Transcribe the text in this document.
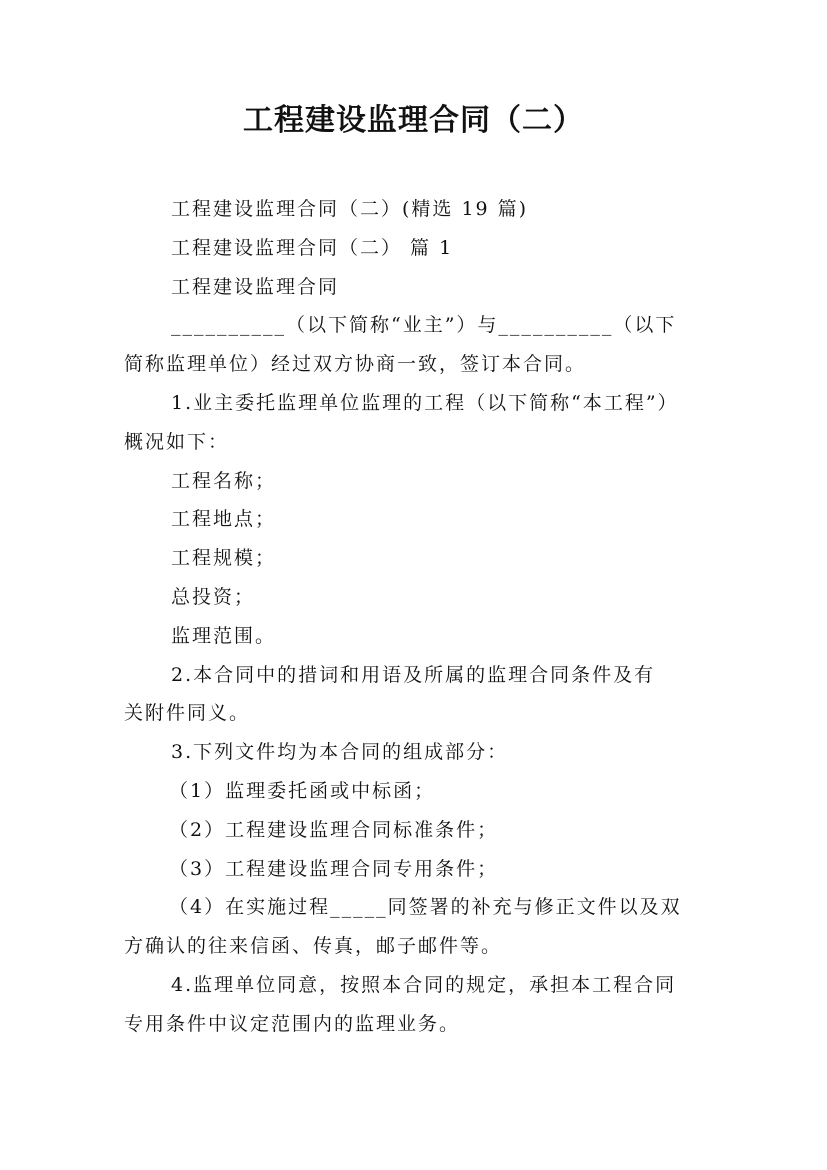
工程建设监理合同（二）

工程建设监理合同（二）(精选 19 篇)

工程建设监理合同（二） 篇 1

工程建设监理合同

__________（以下简称“业主”）与__________（以下
简称监理单位）经过双方协商一致，签订本合同。

1.业主委托监理单位监理的工程（以下简称“本工程”）
概况如下：

工程名称；

工程地点；

工程规模；

总投资；

监理范围。

2.本合同中的措词和用语及所属的监理合同条件及有
关附件同义。

3.下列文件均为本合同的组成部分：

（1）监理委托函或中标函；

（2）工程建设监理合同标准条件；

（3）工程建设监理合同专用条件；

（4）在实施过程_____同签署的补充与修正文件以及双
方确认的往来信函、传真，邮子邮件等。

4.监理单位同意，按照本合同的规定，承担本工程合同
专用条件中议定范围内的监理业务。
